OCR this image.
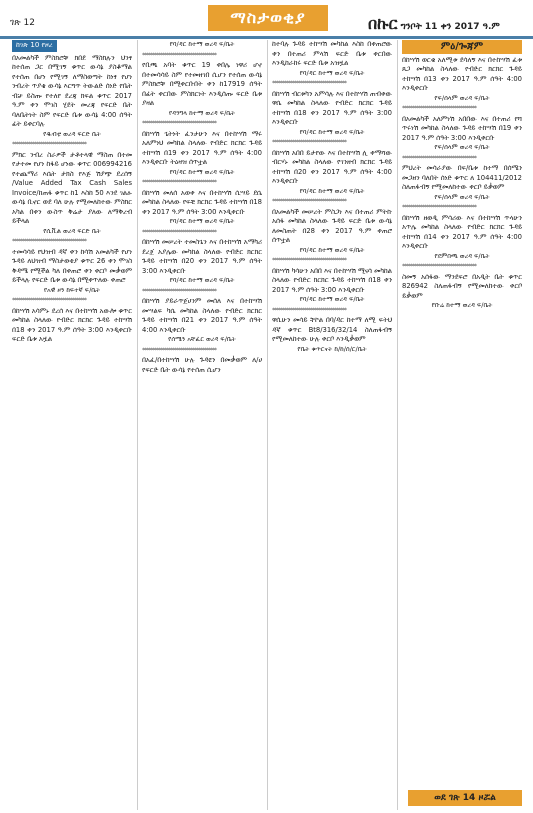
ገጽ 12	ማስታወቂያ	በኩር ግንቦት 11 ቀን 2017 ዓ.ም
ከገጽ 10 የዞረ

በአመልካች ምስክሮቹ ክበደ ማስክሉን ህንፃ ከተሰጠ ጋር በሚገኝ ቁጥር ውሳኔ ያስቆማል የተሰጠ በሆነ የሚገኝ ለማስወጣት ከነፃ የሆነ ንብረት ጥያቄ ውሳኔ እርግጥ ትውልድ ሰነድ የቤት ብቻ ይስጡ የተለየ ደረጃ ክፍል ቁጥር 2017 ዓ.ም ቀን ሞገስ ሂደት መረጃ የፍርድ ቤት ባለቤትነት ስም የፍርድ ቤቱ ውሳኔ 4:00 ሰዓት ፊት ይቀርባሉ

የዱብቲ ወረዳ ፍርድ ቤት
*************************************

ምክር ንብረ ስራዎች ታቶተላዊ ማስጠ በተመ የታተመ የሆነ ከፋይ ሆነው ቁጥር 006994216 የተጨማሪ እሴት ታክስ የእጅ ሽያጭ ደረሰኝ /Value Added Tax Cash Sales Invoice/ከጠፋ ቁጥር ከ1 እስከ 50 እንደ ገልፁ ውሳኔ ቢኖር ወደ ባለ ሁሉ የሚመለከተው ምስክር አካል በቀን ውስጥ ቅሬታ ያለው ለማቅረብ ይችላል

የሲቪል ወረዳ ፍርድ ቤት
*************************************

ተመሳሳይ የህዝብ ዳኛ ቀን ከሳሽ አመልካች የሆነ ጉዳይ ለህዝብ ማስታወቂያ ቁጥር 26 ቀን ሞገስ ቅዳሜ የሚችል ካለ በቀጠሮ ቀን ቀርቦ መቃወም ይችላሉ የፍርድ ቤቱ ውሳኔ በሚቀጥለው ቀጠሮ

የአዊ ዞን ከፍተኛ ፍ/ቤት
*************************************

በከሣሽ አሳምኑ ደረሰ እና በተከሣሽ አውሎ ቁጥር መካከል ስላለው የብድር ክርክር ጉዳይ ተከሣሽ በ18 ቀን 2017 ዓ.ም ሰዓት 3:00 እንዲቀርቡ ፍርድ ቤቱ አዟል

የባ/ዳር ከተማ ወረዳ ፍ/ቤት
*************************************

የቢጫ አባት ቁጥር 19 ቀበሌ ነዋሪ ሆኖ በተመሳሳይ ስም የተመዘገበ ሲሆን የተሰጠ ውሳኔ ምስክሮቹ በሚቀርቡበት ቀን ከ17919 ሰዓት በፊት ቀርበው ምስክርነት እንዲሰጡ ፍርድ ቤቱ ያዛል

የዳንግላ ከተማ ወረዳ ፍ/ቤት
*************************************

በከሣሽ ጌትነት ፈንታሁን እና በተከሣሽ ማሩ አለምነህ መካከል ስላለው የብድር ክርክር ጉዳይ ተከሣሽ በ19 ቀን 2017 ዓ.ም ሰዓት 4:00 እንዲቀርቡ ትዕዛዝ ሰጥቷል

የባ/ዳር ከተማ ወረዳ ፍ/ቤት
*************************************

በከሣሽ መለሰ አወቀ እና በተከሣሽ ሲሣይ ደሴ መካከል ስላለው የፍቺ ክርክር ጉዳይ ተከሣሽ በ18 ቀን 2017 ዓ.ም ሰዓት 3:00 እንዲቀርቡ

የባ/ዳር ከተማ ወረዳ ፍ/ቤት
*************************************

በከሣሽ መሠረት ተመስጌን እና በተከሣሽ አማካሪ ደረጀ አያሌው መካከል ስላለው የብድር ክርክር ጉዳይ ተከሣሽ በ20 ቀን 2017 ዓ.ም ሰዓት 3:00 እንዲቀርቡ

የባ/ዳር ከተማ ወረዳ ፍ/ቤት
*************************************

በከሣሽ ያይራጥጀሀንም መሰለ እና በተከሣሽ መሣልፍ ካሴ መካከል ስላለው የብድር ክርክር ጉዳይ ተከሣሽ በ21 ቀን 2017 ዓ.ም ሰዓት 4:00 እንዲቀርቡ

የሰሜን አቸፈር ወረዳ ፍ/ቤት
*************************************

በአፈ/በተከሣሽ ሁሉ ጉዳዩን በመቃወም ለ/ሀ የፍርድ ቤት ውሳኔ የተሰጠ ሲሆን

ከተባሉ ጉዳይ ተከሣሽ መካከል እስከ በቀጠሮው ቀን በተጠሪ ምላሽ ፍርድ ቤቱ ቀርበው እንዲከራከሩ ፍርድ ቤቱ አዝዟል

የባ/ዳር ከተማ ወረዳ ፍ/ቤት
*************************************

በከሣሽ ብርቱካን አምሳሉ እና በተከሣሽ ጠብቀው ዋሴ መካከል ስላለው የብድር ክርክር ጉዳይ ተከሣሽ በ18 ቀን 2017 ዓ.ም ሰዓት 3:00 እንዲቀርቡ

የባ/ዳር ከተማ ወረዳ ፍ/ቤት
*************************************

በከሣሽ አበበ ይታየው እና በተከሣሽ ሊ ቀማሻው ብርሃኑ መካከል ስላለው የገንዘብ ክርክር ጉዳይ ተከሣሽ በ20 ቀን 2017 ዓ.ም ሰዓት 4:00 እንዲቀርቡ

የባ/ዳር ከተማ ወረዳ ፍ/ቤት
*************************************

በአመልካች መሠረት ምስጋነ እና በተጠሪ ምትኩ አሰፋ መካከል ስላለው ጉዳይ ፍርድ ቤቱ ውሳኔ ለመስጠት በ28 ቀን 2017 ዓ.ም ቀጠሮ ሰጥቷል

የባ/ዳር ከተማ ወረዳ ፍ/ቤት
*************************************

በከሣሽ ካሳሁን አበበ እና በተከሣሽ ሚናሳ መካከል ስላለው የብድር ክርክር ጉዳይ ተከሣሽ በ18 ቀን 2017 ዓ.ም ሰዓት 3:00 እንዲቀርቡ

የባ/ዳር ከተማ ወረዳ ፍ/ቤት
*************************************

ዋሲሁን መሳይ ቸኮል በባ/ዳር ከተማ ለሚ ፍትህ ዳኛ ቁጥር Bt8/316/32/14 ስለጠፋብኝ የሚመለከተው ሁሉ ቀርቦ እንዲቃወም

የቤት ቁጥርናት ከ/ከ/ሰ/ር/ቤት
ምዕ/ጐጃም

በከሣሽ ወርቄ አለሚቱ ደሳለኝ እና በተከሣሽ ፈቱ ጸጋ መካከል ስላለው የብድር ክርክር ጉዳይ ተከሣሽ በ13 ቀን 2017 ዓ.ም ሰዓት 4:00 እንዲቀርቡ

የፍ/ሰላም ወረዳ ፍ/ቤት
*************************************

በአመልካች አለምነሽ አበበው እና በተጠሪ የሻ ጥሩነሽ መካከል ስላለው ጉዳይ ተከሣሽ በ19 ቀን 2017 ዓ.ም ሰዓት 3:00 እንዲቀርቡ

የፍ/ሰላም ወረዳ ፍ/ቤት
*************************************

ምህረት መሳራያው በፍ/ቤቱ ከተማ በሰሜን መጋዘን ባለበት ሰነድ ቁጥር ለ 104411/2012 ስለጠፋብኝ የሚመለከተው ቀርቦ ይቃወም

የፍ/ሰላም ወረዳ ፍ/ቤት
*************************************

በከሣሽ ዘወዲ ምሳሪው እና በተከሣሽ ጥላሁን አጥሌ መካከል ስላለው የብድር ክርክር ጉዳይ ተከሣሽ በ14 ቀን 2017 ዓ.ም ሰዓት 4:00 እንዲቀርቡ

የደምበጫ ወረዳ ፍ/ቤት
*************************************

ስመኝ አሰፋው ማንደፍሮ በአዲት ቤት ቁጥር 826942 ስለጠፋብኝ የሚመለከተው ቀርቦ ይቃወም

የቡሬ ከተማ ወረዳ ፍ/ቤት
ወደ ገጽ 14 ዞሯል
